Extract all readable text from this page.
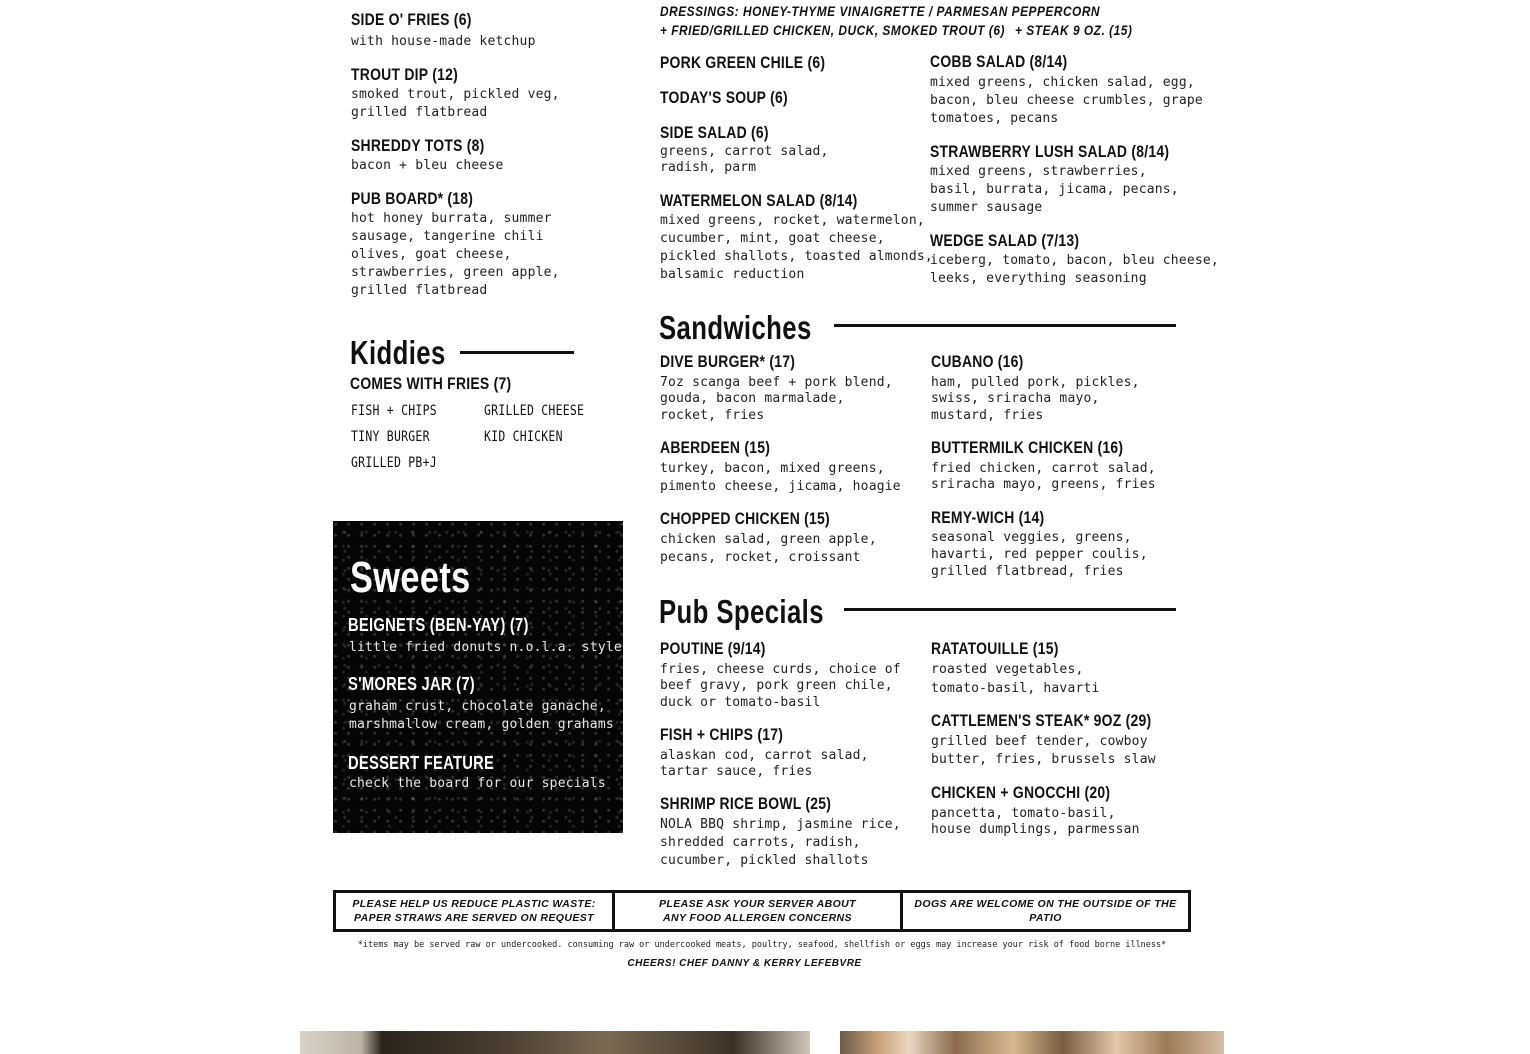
DRESSINGS: HONEY-THYME VINAIGRETTE / PARMESAN PEPPERCORN
+ FRIED/GRILLED CHICKEN, DUCK, SMOKED TROUT (6) + STEAK 9 OZ. (15)
SIDE O' FRIES (6)
with house-made ketchup
TROUT DIP (12)
smoked trout, pickled veg,
grilled flatbread
SHREDDY TOTS (8)
bacon + bleu cheese
PUB BOARD* (18)
hot honey burrata, summer
sausage, tangerine chili
olives, goat cheese,
strawberries, green apple,
grilled flatbread
Kiddies
COMES WITH FRIES (7)
FISH + CHIPS	GRILLED CHEESE
TINY BURGER	KID CHICKEN
GRILLED PB+J
Sweets
BEIGNETS (BEN-YAY) (7)
little fried donuts n.o.l.a. style
S'MORES JAR (7)
graham crust, chocolate ganache,
marshmallow cream, golden grahams
DESSERT FEATURE
check the board for our specials
PORK GREEN CHILE (6)
TODAY'S SOUP (6)
SIDE SALAD (6)
greens, carrot salad,
radish, parm
WATERMELON SALAD (8/14)
mixed greens, rocket, watermelon,
cucumber, mint, goat cheese,
pickled shallots, toasted almonds,
balsamic reduction
COBB SALAD (8/14)
mixed greens, chicken salad, egg,
bacon, bleu cheese crumbles, grape
tomatoes, pecans
STRAWBERRY LUSH SALAD (8/14)
mixed greens, strawberries,
basil, burrata, jicama, pecans,
summer sausage
WEDGE SALAD (7/13)
iceberg, tomato, bacon, bleu cheese,
leeks, everything seasoning
Sandwiches
DIVE BURGER* (17)
7oz scanga beef + pork blend,
gouda, bacon marmalade,
rocket, fries
ABERDEEN (15)
turkey, bacon, mixed greens,
pimento cheese, jicama, hoagie
CHOPPED CHICKEN (15)
chicken salad, green apple,
pecans, rocket, croissant
CUBANO (16)
ham, pulled pork, pickles,
swiss, sriracha mayo,
mustard, fries
BUTTERMILK CHICKEN (16)
fried chicken, carrot salad,
sriracha mayo, greens, fries
REMY-WICH (14)
seasonal veggies, greens,
havarti, red pepper coulis,
grilled flatbread, fries
Pub Specials
POUTINE (9/14)
fries, cheese curds, choice of
beef gravy, pork green chile,
duck or tomato-basil
FISH + CHIPS (17)
alaskan cod, carrot salad,
tartar sauce, fries
SHRIMP RICE BOWL (25)
NOLA BBQ shrimp, jasmine rice,
shredded carrots, radish,
cucumber, pickled shallots
RATATOUILLE (15)
roasted vegetables,
tomato-basil, havarti
CATTLEMEN'S STEAK* 9OZ (29)
grilled beef tender, cowboy
butter, fries, brussels slaw
CHICKEN + GNOCCHI (20)
pancetta, tomato-basil,
house dumplings, parmessan
PLEASE HELP US REDUCE PLASTIC WASTE:
PAPER STRAWS ARE SERVED ON REQUEST
PLEASE ASK YOUR SERVER ABOUT
ANY FOOD ALLERGEN CONCERNS
DOGS ARE WELCOME ON THE OUTSIDE OF THE PATIO
*items may be served raw or undercooked. consuming raw or undercooked meats, poultry, seafood, shellfish or eggs may increase your risk of food borne illness*
CHEERS! CHEF DANNY & KERRY LEFEBVRE
